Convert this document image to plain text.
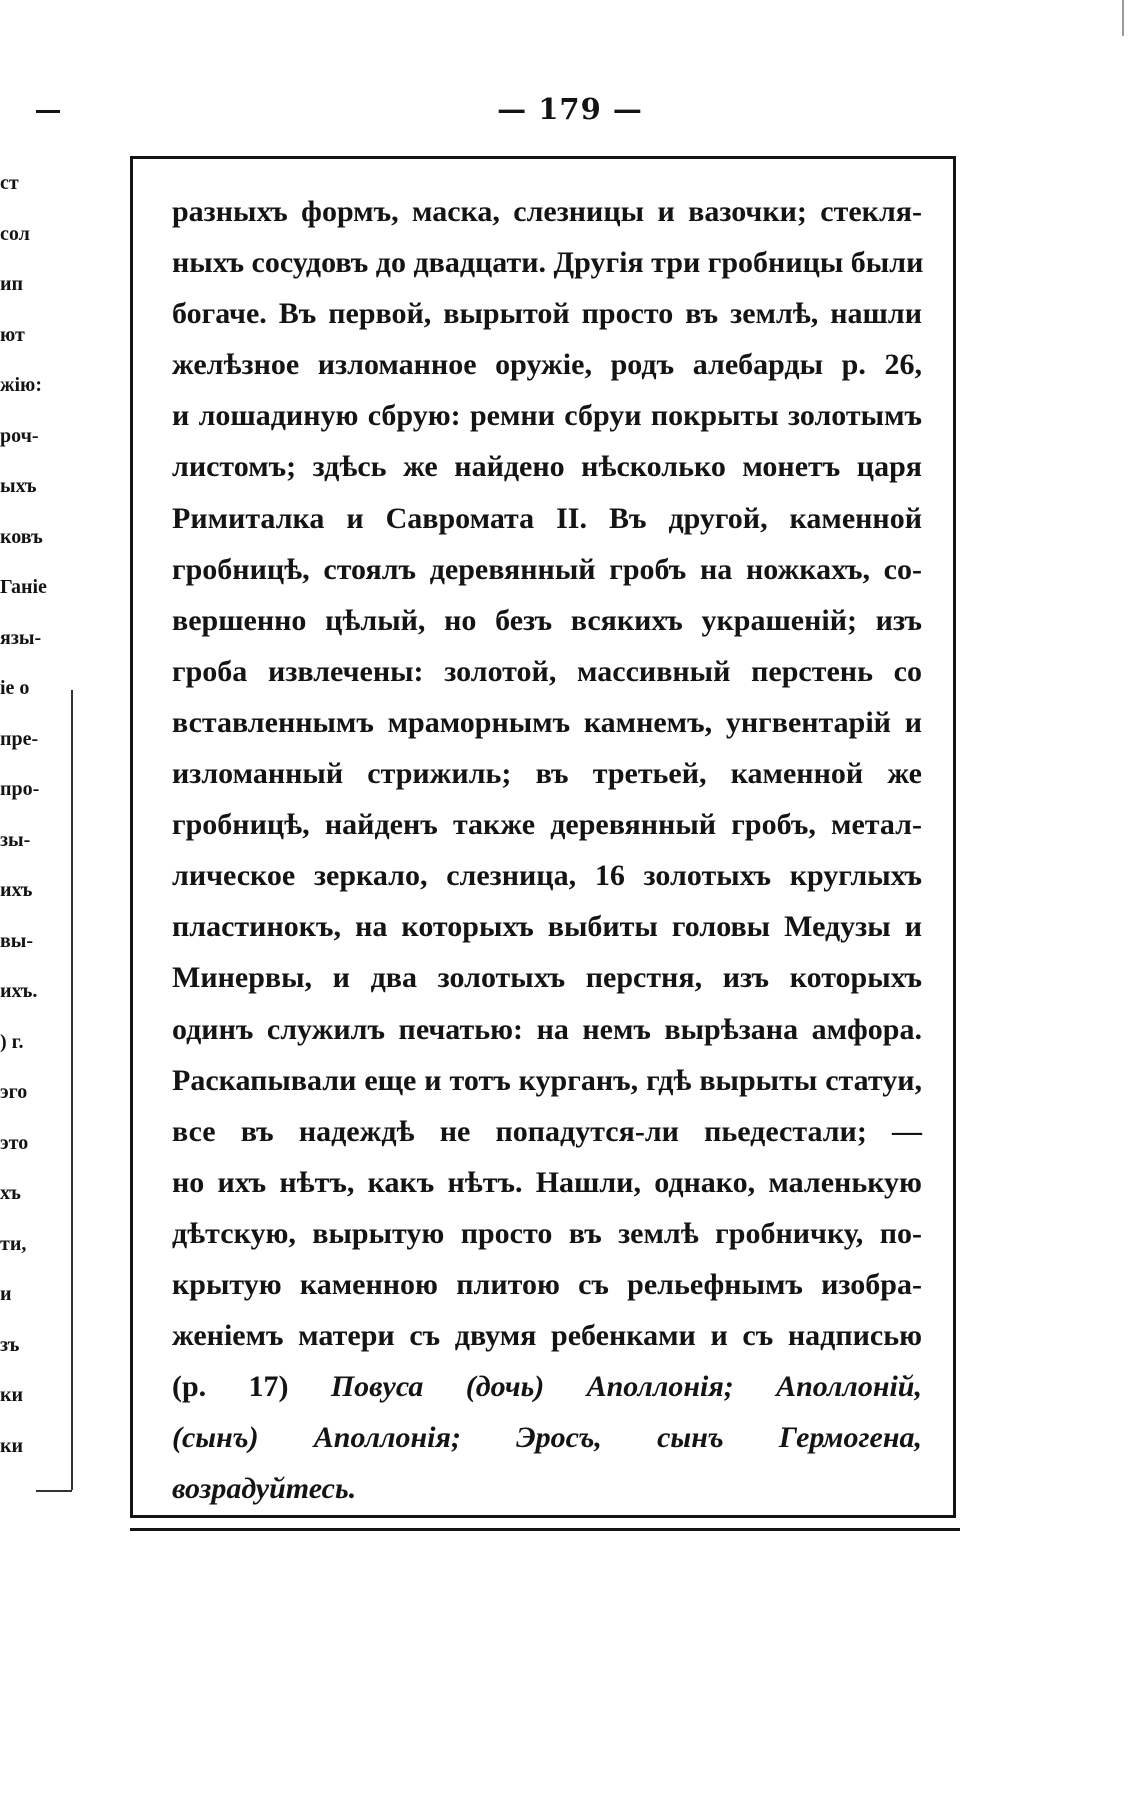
— 179 —
ст
сол
ип
ют
жію:
роч-
ыхъ
ковъ
Ганіе
язы-
іе о
пре-
про-
зы-
ихъ
вы-
ихъ.
) г.
эго
это
хъ
ти,
и
зъ
ки
ки
разныхъ формъ, маска, слезницы и вазочки; стекля-
ныхъ сосудовъ до двадцати. Другія три гробницы были
богаче. Въ первой, вырытой просто въ землѣ, нашли
желѣзное изломанное оружіе, родъ алебарды р. 26,
и лошадиную сбрую: ремни сбруи покрыты золотымъ
листомъ; здѣсь же найдено нѣсколько монетъ царя
Римиталка и Савромата II. Въ другой, каменной
гробницѣ, стоялъ деревянный гробъ на ножкахъ, со-
вершенно цѣлый, но безъ всякихъ украшеній; изъ
гроба извлечены: золотой, массивный перстень со
вставленнымъ мраморнымъ камнемъ, унгвентарій и
изломанный стрижиль; въ третьей, каменной же
гробницѣ, найденъ также деревянный гробъ, метал-
лическое зеркало, слезница, 16 золотыхъ круглыхъ
пластинокъ, на которыхъ выбиты головы Медузы и
Минервы, и два золотыхъ перстня, изъ которыхъ
одинъ служилъ печатью: на немъ вырѣзана амфора.
Раскапывали еще и тотъ курганъ, гдѣ вырыты статуи,
все въ надеждѣ не попадутся-ли пьедестали; —
но ихъ нѣтъ, какъ нѣтъ. Нашли, однако, маленькую
дѣтскую, вырытую просто въ землѣ гробничку, по-
крытую каменною плитою съ рельефнымъ изобра-
женіемъ матери съ двумя ребенками и съ надписью
(р. 17) Повуса (дочь) Аполлонія; Аполлоній,
(сынъ) Аполлонія; Эросъ, сынъ Гермогена,
возрадуйтесь.
